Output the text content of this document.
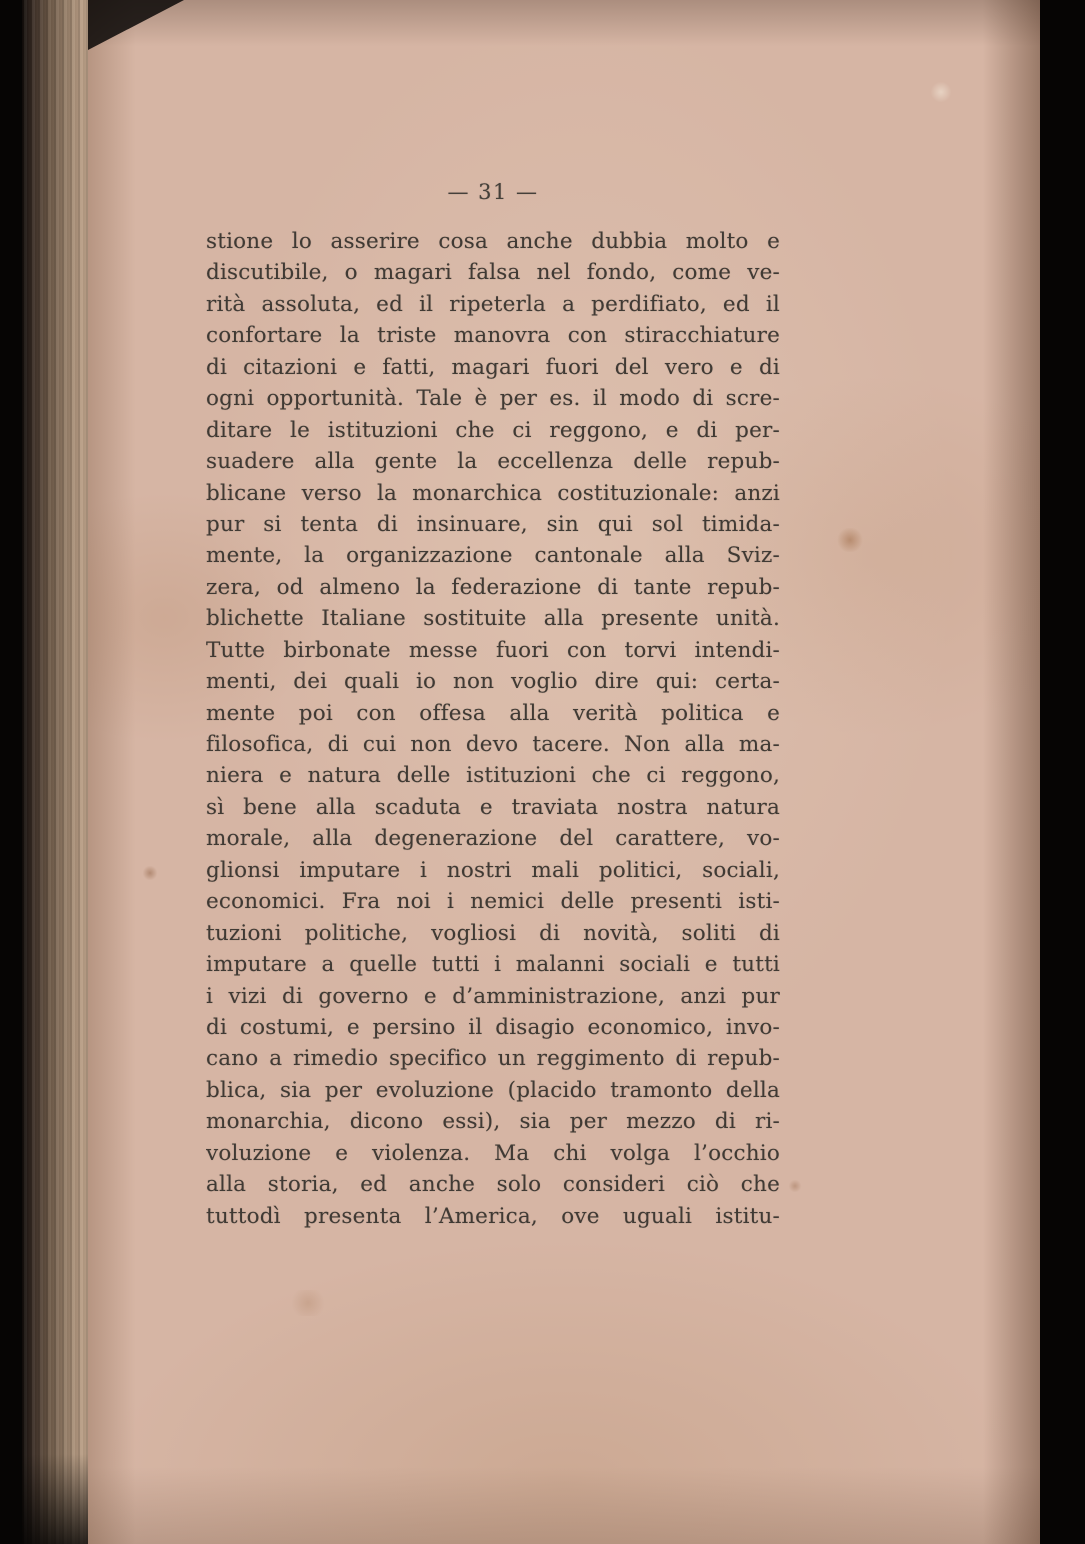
— 31 —
stione lo asserire cosa anche dubbia molto e
discutibile, o magari falsa nel fondo, come ve-
rità assoluta, ed il ripeterla a perdifiato, ed il
confortare la triste manovra con stiracchiature
di citazioni e fatti, magari fuori del vero e di
ogni opportunità. Tale è per es. il modo di scre-
ditare le istituzioni che ci reggono, e di per-
suadere alla gente la eccellenza delle repub-
blicane verso la monarchica costituzionale: anzi
pur si tenta di insinuare, sin qui sol timida-
mente, la organizzazione cantonale alla Sviz-
zera, od almeno la federazione di tante repub-
blichette Italiane sostituite alla presente unità.
Tutte birbonate messe fuori con torvi intendi-
menti, dei quali io non voglio dire qui: certa-
mente poi con offesa alla verità politica e
filosofica, di cui non devo tacere. Non alla ma-
niera e natura delle istituzioni che ci reggono,
sì bene alla scaduta e traviata nostra natura
morale, alla degenerazione del carattere, vo-
glionsi imputare i nostri mali politici, sociali,
economici. Fra noi i nemici delle presenti isti-
tuzioni politiche, vogliosi di novità, soliti di
imputare a quelle tutti i malanni sociali e tutti
i vizi di governo e d’amministrazione, anzi pur
di costumi, e persino il disagio economico, invo-
cano a rimedio specifico un reggimento di repub-
blica, sia per evoluzione (placido tramonto della
monarchia, dicono essi), sia per mezzo di ri-
voluzione e violenza. Ma chi volga l’occhio
alla storia, ed anche solo consideri ciò che
tuttodì presenta l’America, ove uguali istitu-
